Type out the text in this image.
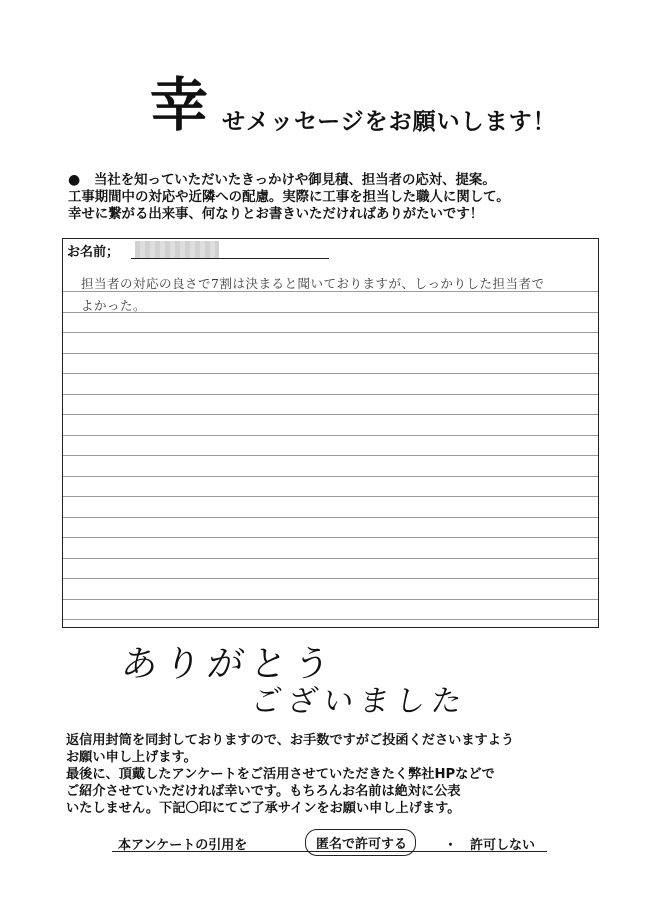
幸 せメッセージをお願いします！
● 当社を知っていただいたきっかけや御見積、担当者の応対、提案。
工事期間中の対応や近隣への配慮。実際に工事を担当した職人に関して。
幸せに繋がる出来事、何なりとお書きいただければありがたいです！
お名前；
担当者の対応の良さで7割は決まると聞いておりますが、しっかりした担当者で
よかった。
ありがとう
ございました
返信用封筒を同封しておりますので、お手数ですがご投函くださいますよう
お願い申し上げます。
最後に、頂戴したアンケートをご活用させていただきたく弊社HPなどで
ご紹介させていただければ幸いです。もちろんお名前は絶対に公表
いたしません。下記〇印にてご了承サインをお願い申し上げます。
本アンケートの引用を	匿名で許可する	・ 許可しない
